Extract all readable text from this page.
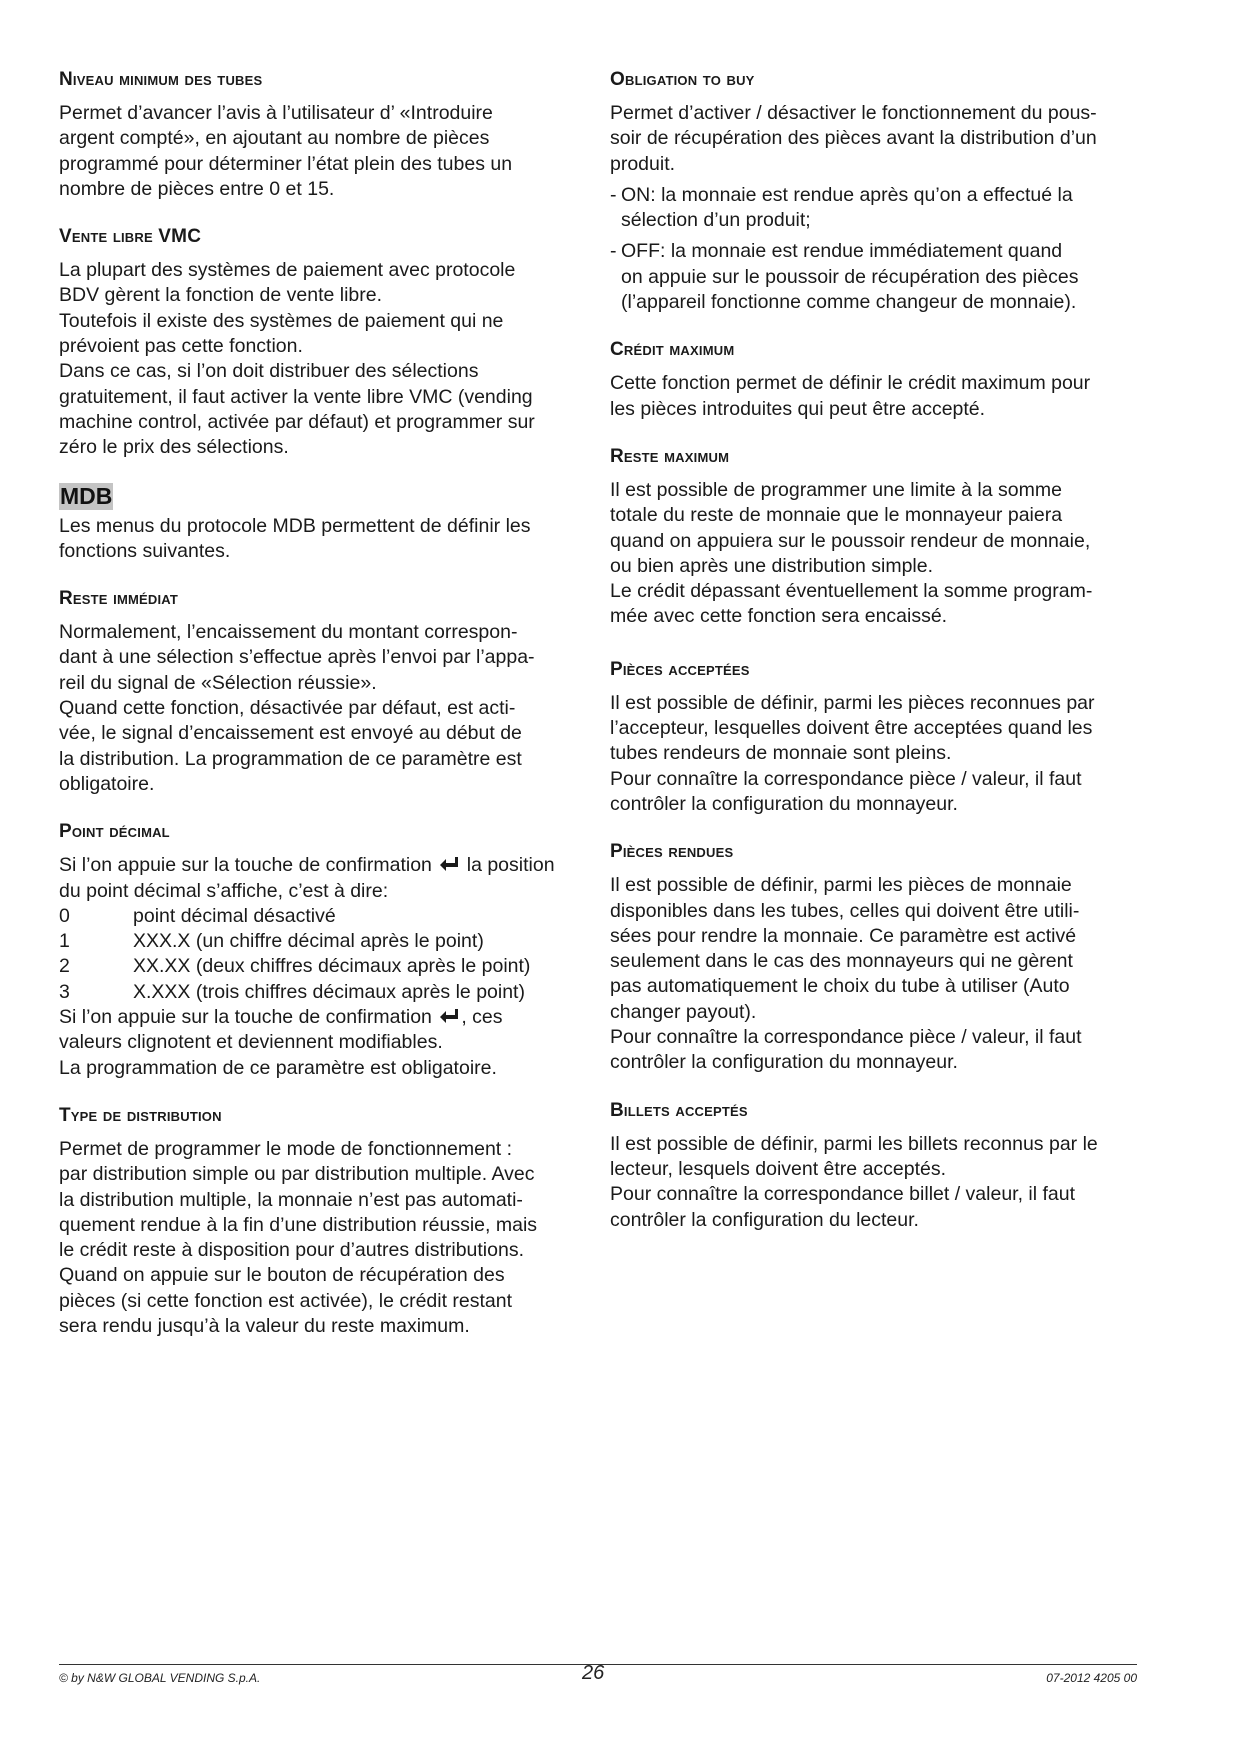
Niveau minimum des tubes

Permet d’avancer l’avis à l’utilisateur d’ «Introduire
argent compté», en ajoutant au nombre de pièces
programmé pour déterminer l’état plein des tubes un
nombre de pièces entre 0 et 15.

Vente libre VMC

La plupart des systèmes de paiement avec protocole
BDV gèrent la fonction de vente libre.
Toutefois il existe des systèmes de paiement qui ne
prévoient pas cette fonction.
Dans ce cas, si l’on doit distribuer des sélections
gratuitement, il faut activer la vente libre VMC (vending
machine control, activée par défaut) et programmer sur
zéro le prix des sélections.

MDB

Les menus du protocole MDB permettent de définir les
fonctions suivantes.

Reste immédiat

Normalement, l’encaissement du montant correspon-
dant à une sélection s’effectue après l’envoi par l’appa-
reil du signal de «Sélection réussie».
Quand cette fonction, désactivée par défaut, est acti-
vée, le signal d’encaissement est envoyé au début de
la distribution. La programmation de ce paramètre est
obligatoire.

Point décimal

Si l’on appuie sur la touche de confirmation la position
du point décimal s’affiche, c’est à dire:

0	point décimal désactivé
1	XXX.X (un chiffre décimal après le point)
2	XX.XX (deux chiffres décimaux après le point)
3	X.XXX (trois chiffres décimaux après le point)

Si l’on appuie sur la touche de confirmation , ces
valeurs clignotent et deviennent modifiables.
La programmation de ce paramètre est obligatoire.

Type de distribution

Permet de programmer le mode de fonctionnement :
par distribution simple ou par distribution multiple. Avec
la distribution multiple, la monnaie n’est pas automati-
quement rendue à la fin d’une distribution réussie, mais
le crédit reste à disposition pour d’autres distributions.
Quand on appuie sur le bouton de récupération des
pièces (si cette fonction est activée), le crédit restant
sera rendu jusqu’à la valeur du reste maximum.

Obligation to buy

Permet d’activer / désactiver le fonctionnement du pous-
soir de récupération des pièces avant la distribution d’un
produit.

- ON: la monnaie est rendue après qu’on a effectué la
sélection d’un produit;

- OFF: la monnaie est rendue immédiatement quand
on appuie sur le poussoir de récupération des pièces
(l’appareil fonctionne comme changeur de monnaie).

Crédit maximum

Cette fonction permet de définir le crédit maximum pour
les pièces introduites qui peut être accepté.

Reste maximum

Il est possible de programmer une limite à la somme
totale du reste de monnaie que le monnayeur paiera
quand on appuiera sur le poussoir rendeur de monnaie,
ou bien après une distribution simple.
Le crédit dépassant éventuellement la somme program-
mée avec cette fonction sera encaissé.

Pièces acceptées

Il est possible de définir, parmi les pièces reconnues par
l’accepteur, lesquelles doivent être acceptées quand les
tubes rendeurs de monnaie sont pleins.
Pour connaître la correspondance pièce / valeur, il faut
contrôler la configuration du monnayeur.

Pièces rendues

Il est possible de définir, parmi les pièces de monnaie
disponibles dans les tubes, celles qui doivent être utili-
sées pour rendre la monnaie. Ce paramètre est activé
seulement dans le cas des monnayeurs qui ne gèrent
pas automatiquement le choix du tube à utiliser (Auto
changer payout).
Pour connaître la correspondance pièce / valeur, il faut
contrôler la configuration du monnayeur.

Billets acceptés

Il est possible de définir, parmi les billets reconnus par le
lecteur, lesquels doivent être acceptés.
Pour connaître la correspondance billet / valeur, il faut
contrôler la configuration du lecteur.

© by N&W GLOBAL VENDING S.p.A.	26	07-2012 4205 00
